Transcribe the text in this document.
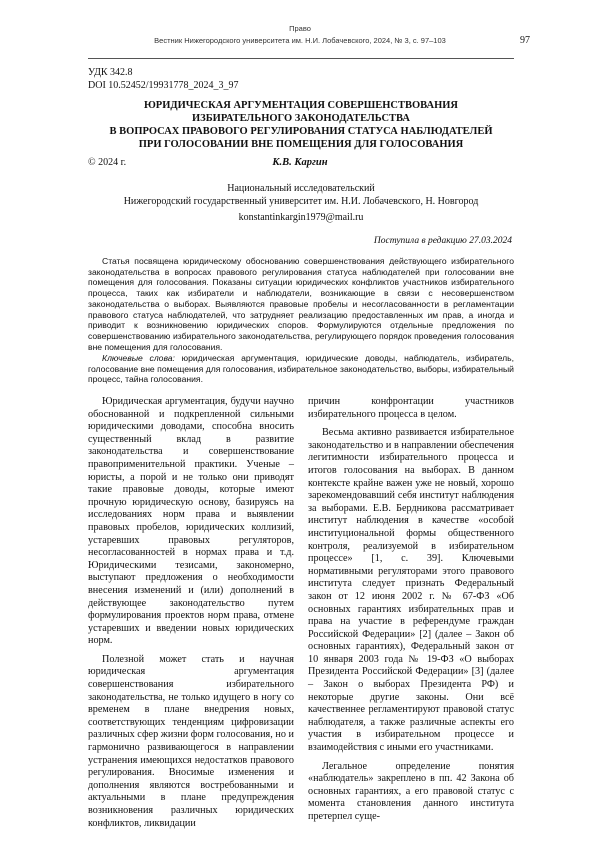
Право
Вестник Нижегородского университета им. Н.И. Лобачевского, 2024, № 3, с. 97–103	97
УДК 342.8
DOI 10.52452/19931778_2024_3_97
ЮРИДИЧЕСКАЯ АРГУМЕНТАЦИЯ СОВЕРШЕНСТВОВАНИЯ
ИЗБИРАТЕЛЬНОГО ЗАКОНОДАТЕЛЬСТВА
В ВОПРОСАХ ПРАВОВОГО РЕГУЛИРОВАНИЯ СТАТУСА НАБЛЮДАТЕЛЕЙ
ПРИ ГОЛОСОВАНИИ ВНЕ ПОМЕЩЕНИЯ ДЛЯ ГОЛОСОВАНИЯ
© 2024 г.	К.В. Каргин
Национальный исследовательский
Нижегородский государственный университет им. Н.И. Лобачевского, Н. Новгород
konstantinkargin1979@mail.ru
Поступила в редакцию 27.03.2024

Статья посвящена юридическому обоснованию совершенствования действующего избирательного законодательства в вопросах правового регулирования статуса наблюдателей при голосовании вне помещения для голосования. Показаны ситуации юридических конфликтов участников избирательного процесса, таких как избиратели и наблюдатели, возникающие в связи с несовершенством законодательства о выборах. Выявляются правовые пробелы и несогласованности в регламентации правового статуса наблюдателей, что затрудняет реализацию предоставленных им прав, а иногда и приводит к возникновению юридических споров. Формулируются отдельные предложения по совершенствованию избирательного законодательства, регулирующего порядок проведения голосования вне помещения для голосования.

Ключевые слова: юридическая аргументация, юридические доводы, наблюдатель, избиратель, голосование вне помещения для голосования, избирательное законодательство, выборы, избирательный процесс, тайна голосования.

Юридическая аргументация, будучи научно обоснованной и подкрепленной сильными юридическими доводами, способна вносить существенный вклад в развитие законодательства и совершенствование правоприменительной практики. Ученые – юристы, а порой и не только они приводят такие правовые доводы, которые имеют прочную юридическую основу, базируясь на исследованиях норм права и выявлении правовых пробелов, юридических коллизий, устаревших правовых регуляторов, несогласованностей в нормах права и т.д. Юридическими тезисами, закономерно, выступают предложения о необходимости внесения изменений и (или) дополнений в действующее законодательство путем формулирования проектов норм права, отмене устаревших и введении новых юридических норм.

Полезной может стать и научная юридическая аргументация совершенствования избирательного законодательства, не только идущего в ногу со временем в плане внедрения новых, соответствующих тенденциям цифровизации различных сфер жизни форм голосования, но и гармонично развивающегося в направлении устранения имеющихся недостатков правового регулирования. Вносимые изменения и дополнения являются востребованными и актуальными в плане предупреждения возникновения различных юридических конфликтов, ликвидации

причин конфронтации участников избирательного процесса в целом.

Весьма активно развивается избирательное законодательство и в направлении обеспечения легитимности избирательного процесса и итогов голосования на выборах. В данном контексте крайне важен уже не новый, хорошо зарекомендовавший себя институт наблюдения за выборами. Е.В. Бердникова рассматривает институт наблюдения в качестве «особой институциональной формы общественного контроля, реализуемой в избирательном процессе» [1, с. 39]. Ключевыми нормативными регуляторами этого правового института следует признать Федеральный закон от 12 июня 2002 г. № 67-ФЗ «Об основных гарантиях избирательных прав и права на участие в референдуме граждан Российской Федерации» [2] (далее – Закон об основных гарантиях), Федеральный закон от 10 января 2003 года № 19-ФЗ «О выборах Президента Российской Федерации» [3] (далее – Закон о выборах Президента РФ) и некоторые другие законы. Они всё качественнее регламентируют правовой статус наблюдателя, а также различные аспекты его участия в избирательном процессе и взаимодействия с иными его участниками.

Легальное определение понятия «наблюдатель» закреплено в пп. 42 Закона об основных гарантиях, а его правовой статус с момента становления данного института претерпел суще-
